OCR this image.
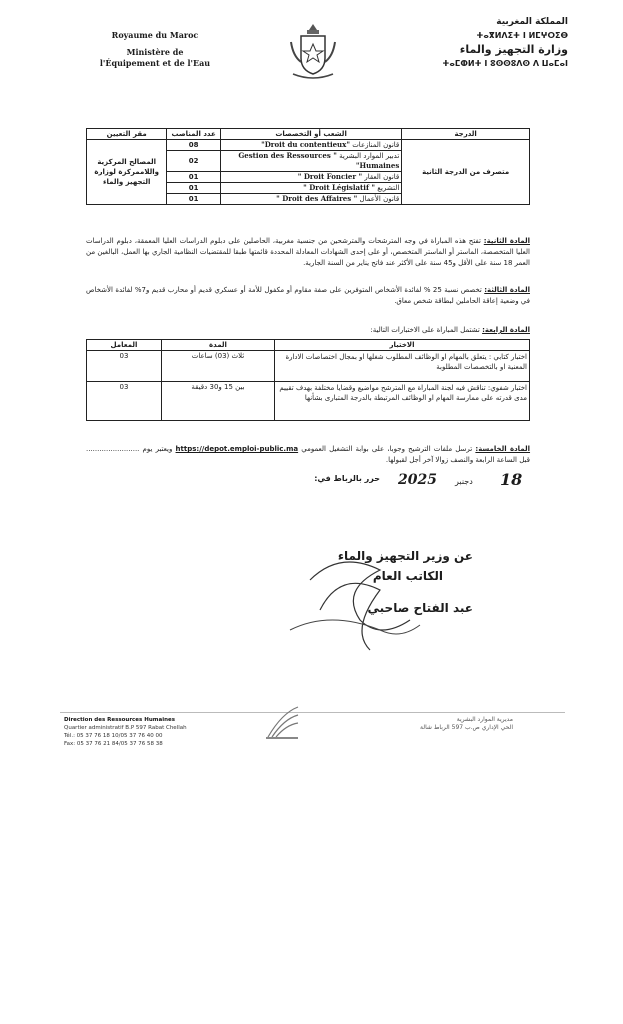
Royaume du Maroc
Ministère de
l'Équipement et de l'Eau
المملكة المغربية
ⵜⴰⴳⵍⴷⵉⵜ ⵏ ⵍⵎⵖⵔⵉⴱ
وزارة التجهيز والماء
ⵜⴰⵎⵀⵍⵜ ⵏ ⵓⵙⵙⵓⴷⵙ ⴷ ⵡⴰⵎⴰⵏ
مقر التعيين	عدد المناصب	الشعب أو التخصصات	الدرجة
المصالح المركزية واللاممركزة لوزارة التجهيز والماء	08	قانون المنازعات "Droit du contentieux"	متصرف من الدرجة الثانية
	02	تدبير الموارد البشرية " Gestion des Ressources Humaines"	
	01	قانون العقار " Droit Foncier "	
	01	التشريع " Droit Législatif "	
	01	قانون الأعمال " Droit des Affaires "	
المادة الثانية: تفتح هذه المباراة في وجه المترشحات والمترشحين من جنسية مغربية، الحاصلين على دبلوم الدراسات العليا المعمقة، دبلوم الدراسات العليا المتخصصة، الماستر أو الماستر المتخصص، أو على إحدى الشهادات المعادلة المحددة قائمتها طبقا للمقتضيات النظامية الجاري بها العمل، البالغين من العمر 18 سنة على الأقل و45 سنة على الأكثر عند فاتح يناير من السنة الجارية.
المادة الثالثة: تخصص نسبة 25 % لفائدة الأشخاص المتوفرين على صفة مقاوم أو مكفول للأمة أو عسكري قديم أو محارب قديم و7% لفائدة الأشخاص في وضعية إعاقة الحاملين لبطاقة شخص معاق.
المادة الرابعة: تشتمل المباراة على الاختبارات التالية:
المعامل	المدة	الاختبار
03	ثلاث (03) ساعات	اختبار كتابي : يتعلق بالمهام او الوظائف المطلوب شغلها او بمجال اختصاصات الادارة المعنية او بالتخصصات المطلوبة
03	بين 15 و30 دقيقة	اختبار شفوي: تناقش فيه لجنة المباراة مع المترشح مواضيع وقضايا مختلفة بهدف تقييم مدى قدرته على ممارسة المهام او الوظائف المرتبطة بالدرجة المتبارى بشأنها
المادة الخامسة: ترسل ملفات الترشيح وجوبا، على بوابة التشغيل العمومي https://depot.emploi-public.ma ويعتبر يوم ........................ قبل الساعة الرابعة والنصف زوالا آخر أجل لقبولها.
حرر بالرباط في: 2025 دجنبر 18
عن وزير التجهيز والماء
الكاتب العام
عبد الفتاح صاحبي
Direction des Ressources Humaines
Quartier administratif B.P 597 Rabat Chellah
Tél.: 05 37 76 18 10/05 37 76 40 00
Fax: 05 37 76 21 84/05 37 76 58 38
مديرية الموارد البشرية
الحي الإداري ص.ب 597 الرباط شالة
